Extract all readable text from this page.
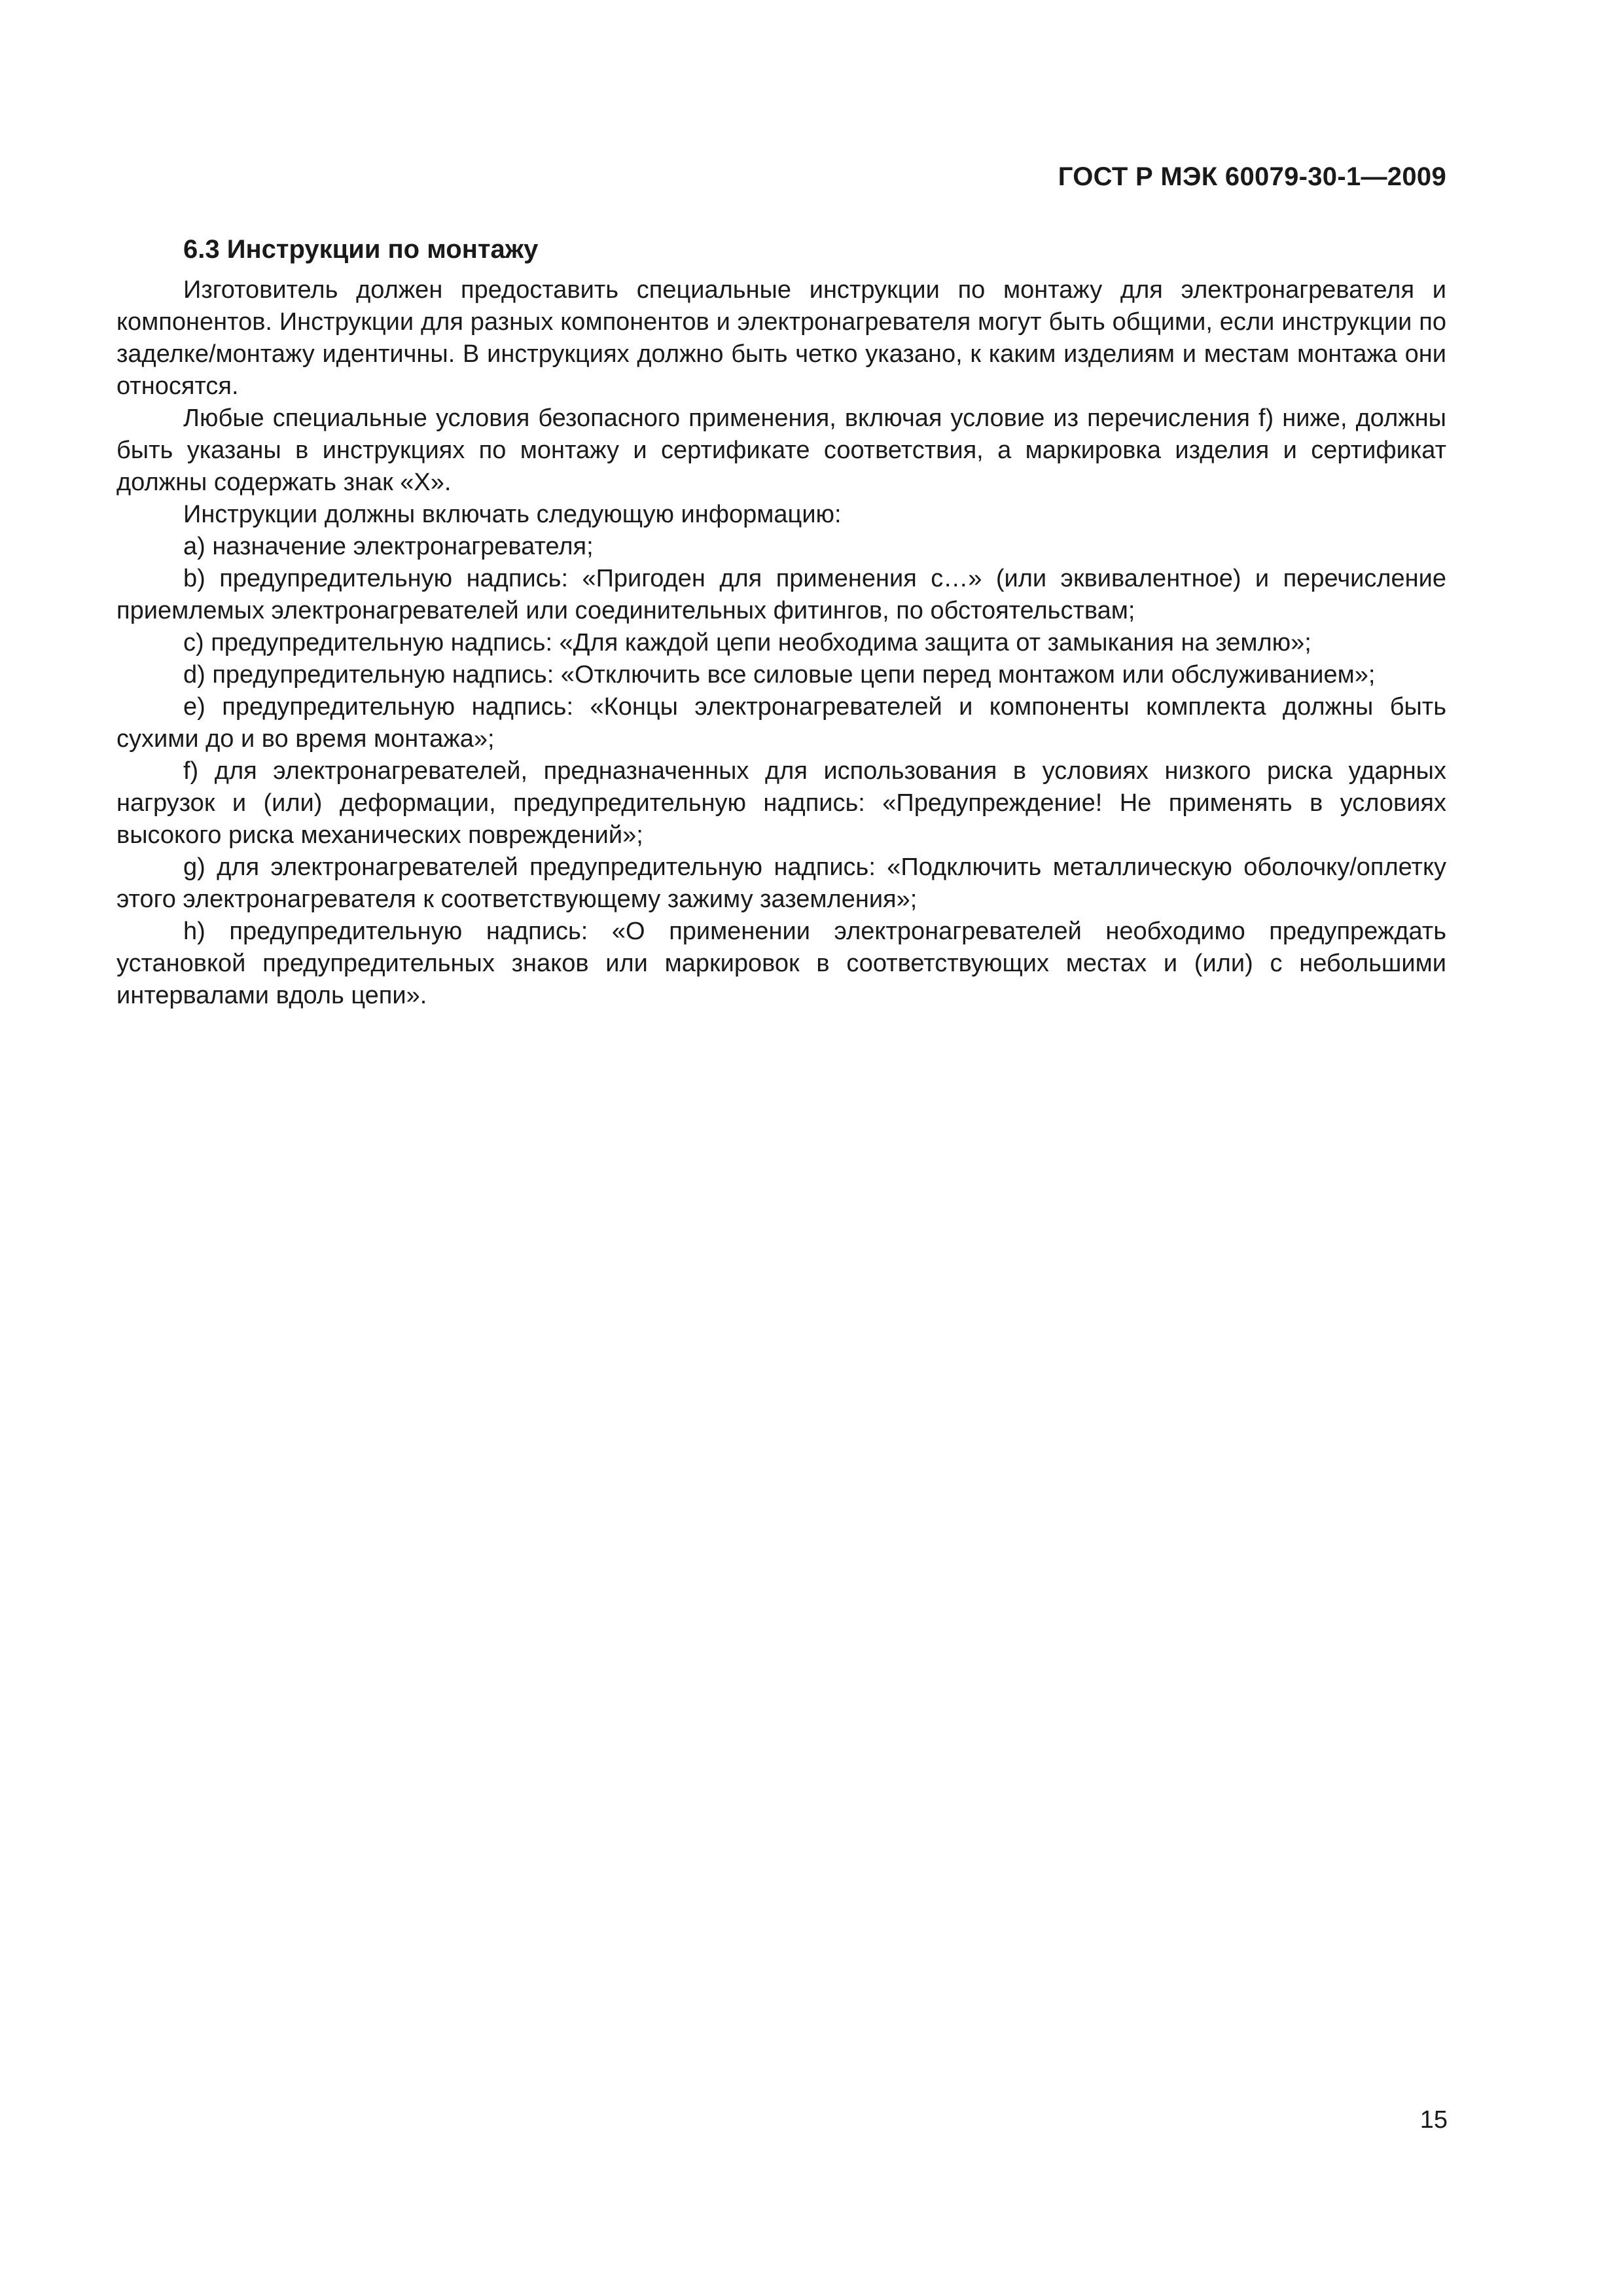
ГОСТ Р МЭК 60079-30-1—2009
6.3 Инструкции по монтажу

Изготовитель должен предоставить специальные инструкции по монтажу для электронагревателя и компонентов. Инструкции для разных компонентов и электронагревателя могут быть общими, если инструкции по заделке/монтажу идентичны. В инструкциях должно быть четко указано, к каким изделиям и местам монтажа они относятся.

Любые специальные условия безопасного применения, включая условие из перечисления f) ниже, должны быть указаны в инструкциях по монтажу и сертификате соответствия, а маркировка изделия и сертификат должны содержать знак «X».

Инструкции должны включать следующую информацию:

a) назначение электронагревателя;

b) предупредительную надпись: «Пригоден для применения с…» (или эквивалентное) и перечисление приемлемых электронагревателей или соединительных фитингов, по обстоятельствам;

c) предупредительную надпись: «Для каждой цепи необходима защита от замыкания на землю»;

d) предупредительную надпись: «Отключить все силовые цепи перед монтажом или обслуживанием»;

e) предупредительную надпись: «Концы электронагревателей и компоненты комплекта должны быть сухими до и во время монтажа»;

f) для электронагревателей, предназначенных для использования в условиях низкого риска ударных нагрузок и (или) деформации, предупредительную надпись: «Предупреждение! Не применять в условиях высокого риска механических повреждений»;

g) для электронагревателей предупредительную надпись: «Подключить металлическую оболочку/оплетку этого электронагревателя к соответствующему зажиму заземления»;

h) предупредительную надпись: «О применении электронагревателей необходимо предупреждать установкой предупредительных знаков или маркировок в соответствующих местах и (или) с небольшими интервалами вдоль цепи».

15
